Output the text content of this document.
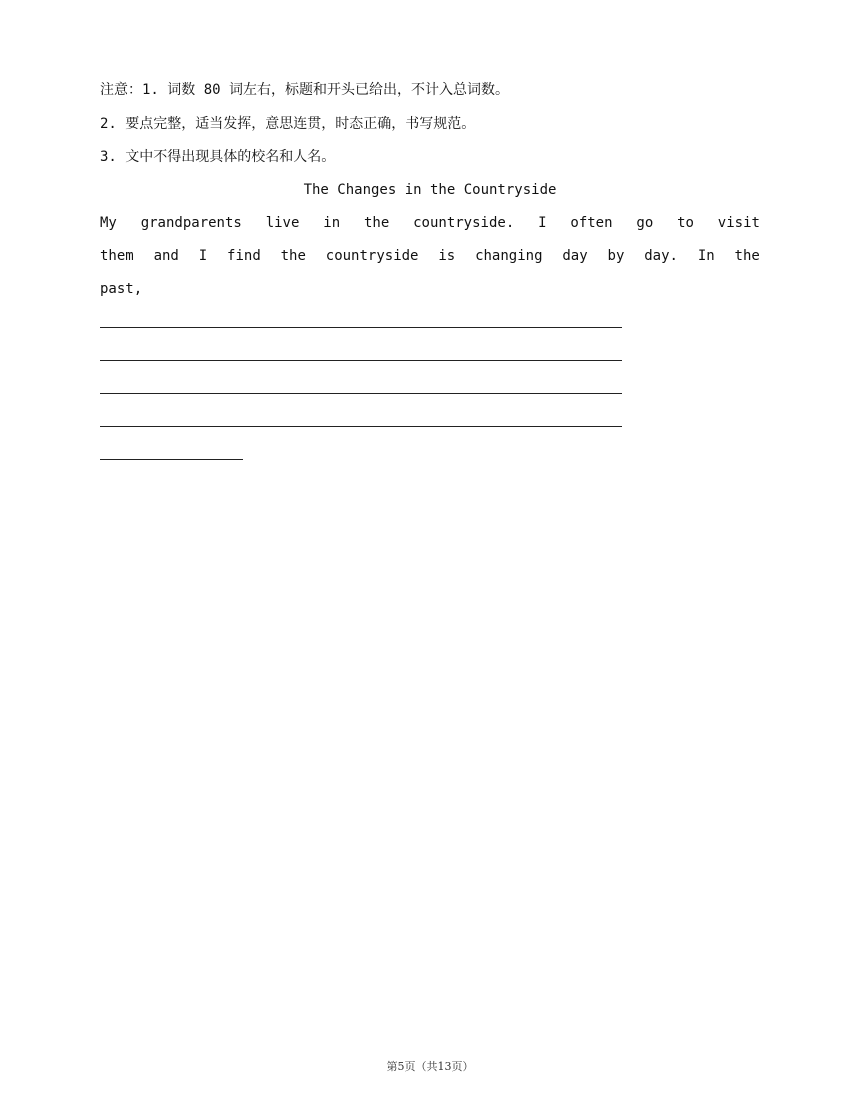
注意：1. 词数 80 词左右，标题和开头已给出，不计入总词数。
2. 要点完整，适当发挥，意思连贯，时态正确，书写规范。
3. 文中不得出现具体的校名和人名。
The Changes in the Countryside
My grandparents live in the countryside. I often go to visit
them and I find the countryside is changing day by day. In the
past,
第5页（共13页）
